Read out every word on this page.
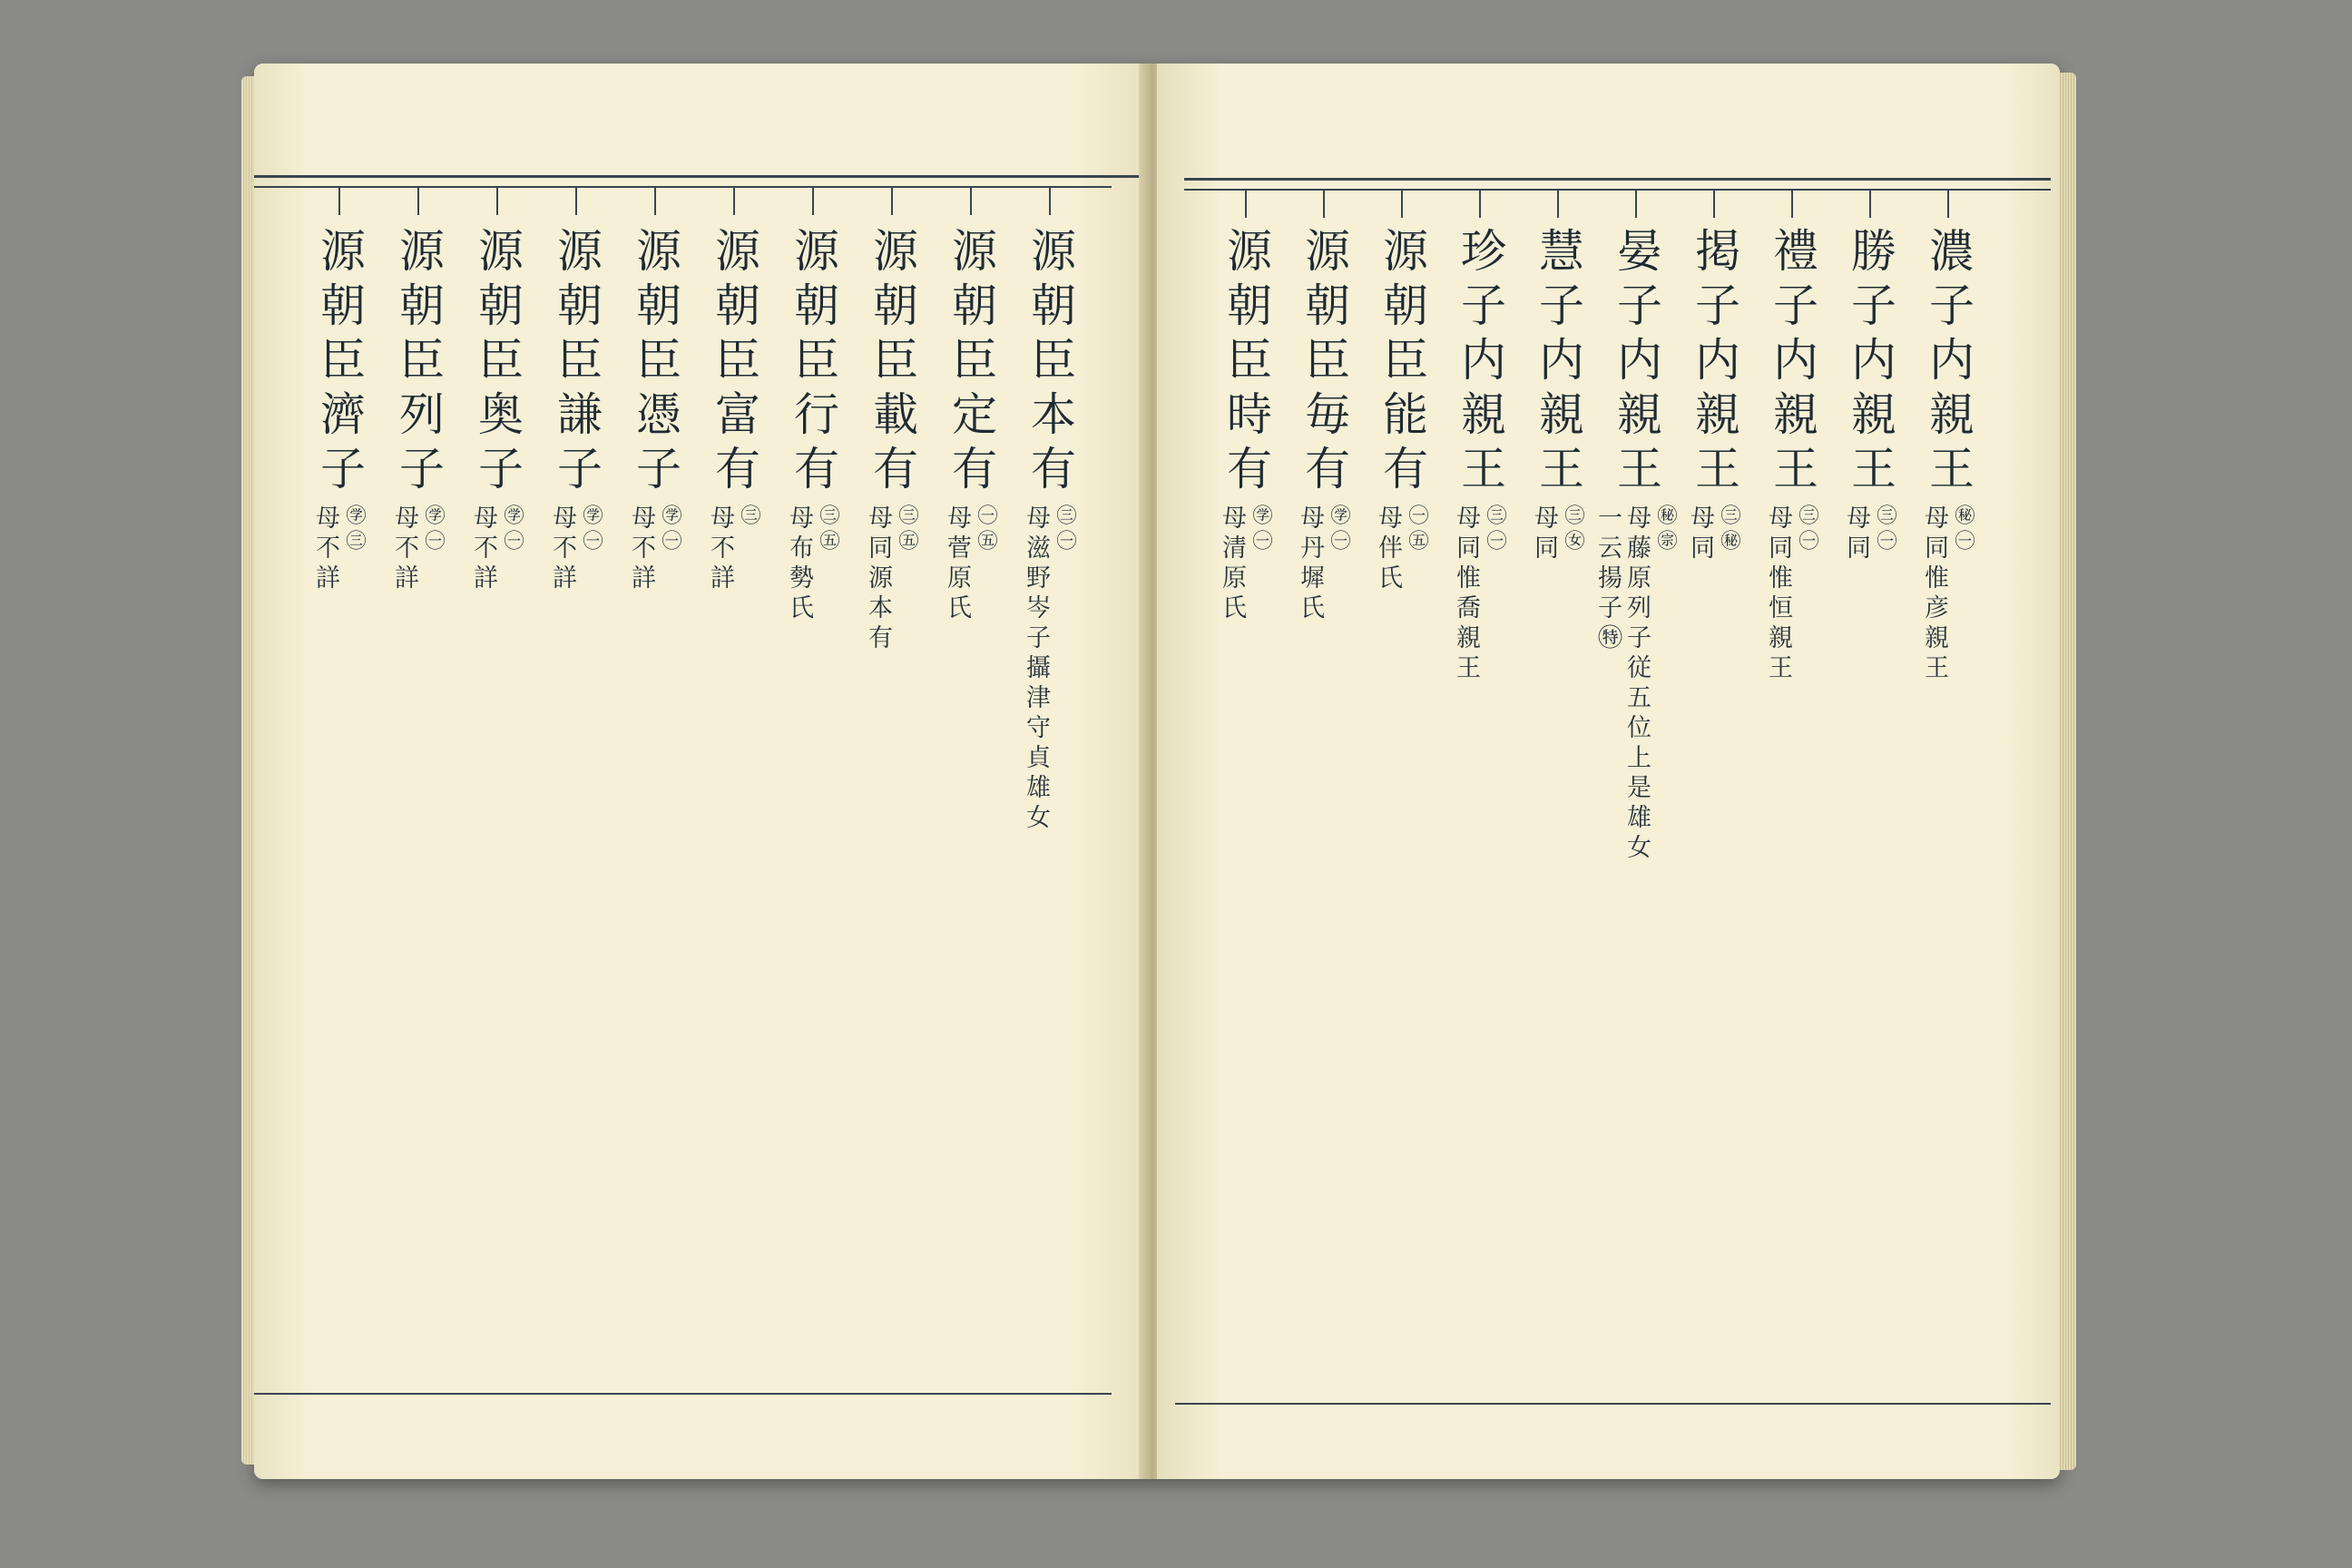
源朝臣本有
㊂㊀
母滋野岑子攝津守貞雄女
源朝臣定有
㊀㊄
母菅原氏
源朝臣載有
㊂㊄
母同源本有
源朝臣行有
㊂㊄
母布勢氏
源朝臣富有
㊂
母不詳
源朝臣憑子
㊫㊀
母不詳
源朝臣謙子
㊫㊀
母不詳
源朝臣奥子
㊫㊀
母不詳
源朝臣列子
㊫㊀
母不詳
源朝臣濟子
㊫㊂
母不詳
濃子内親王
㊙㊀
母同惟彦親王
勝子内親王
㊂㊀
母同
禮子内親王
㊂㊀
母同惟恒親王
掲子内親王
㊂㊙
母同
晏子内親王
㊙㊪
母藤原列子従五位上是雄女
一云揚子㊕
慧子内親王
㊂㊛
母同
珍子内親王
㊂㊀
母同惟喬親王
源朝臣能有
㊀㊄
母伴氏
源朝臣毎有
㊫㊀
母丹墀氏
源朝臣時有
㊫㊀
母清原氏
